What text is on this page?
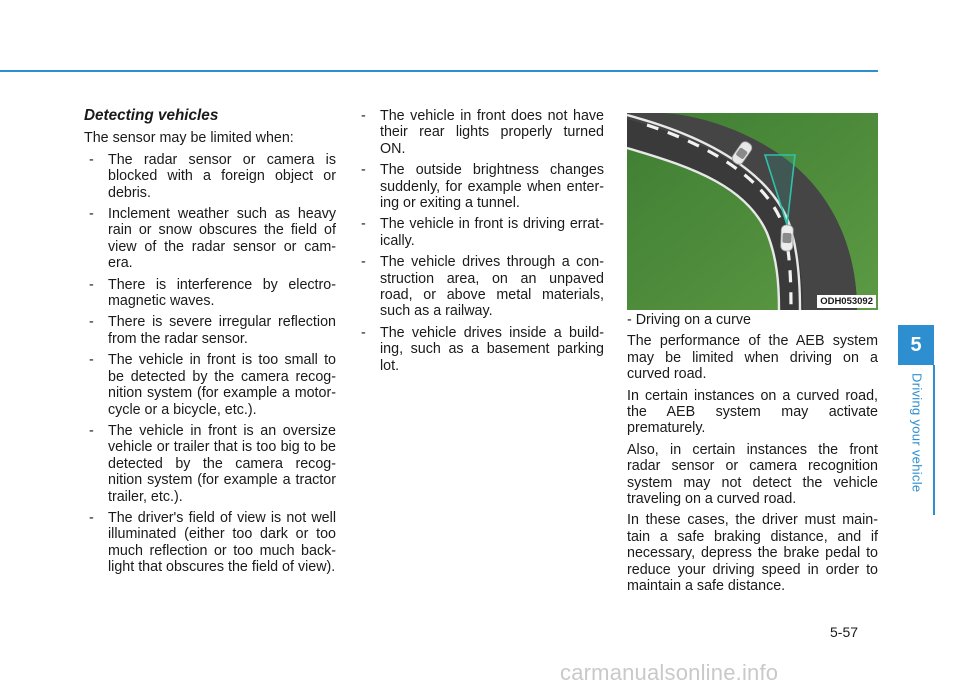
Detecting vehicles
The sensor may be limited when:
- The radar sensor or camera is blocked with a foreign object or debris.
- Inclement weather such as heavy rain or snow obscures the field of view of the radar sensor or cam-era.
- There is interference by electro-magnetic waves.
- There is severe irregular reflection from the radar sensor.
- The vehicle in front is too small to be detected by the camera recog-nition system (for example a motor-cycle or a bicycle, etc.).
- The vehicle in front is an oversize vehicle or trailer that is too big to be detected by the camera recog-nition system (for example a tractor trailer, etc.).
- The driver's field of view is not well illuminated (either too dark or too much reflection or too much back-light that obscures the field of view).
- The vehicle in front does not have their rear lights properly turned ON.
- The outside brightness changes suddenly, for example when enter-ing or exiting a tunnel.
- The vehicle in front is driving errat-ically.
- The vehicle drives through a con-struction area, on an unpaved road, or above metal materials, such as a railway.
- The vehicle drives inside a build-ing, such as a basement parking lot.
ODH053092
- Driving on a curve
The performance of the AEB system may be limited when driving on a curved road.
In certain instances on a curved road, the AEB system may activate prematurely.
Also, in certain instances the front radar sensor or camera recognition system may not detect the vehicle traveling on a curved road.
In these cases, the driver must main-tain a safe braking distance, and if necessary, depress the brake pedal to reduce your driving speed in order to maintain a safe distance.
5
Driving your vehicle
5-57
carmanualsonline.info
